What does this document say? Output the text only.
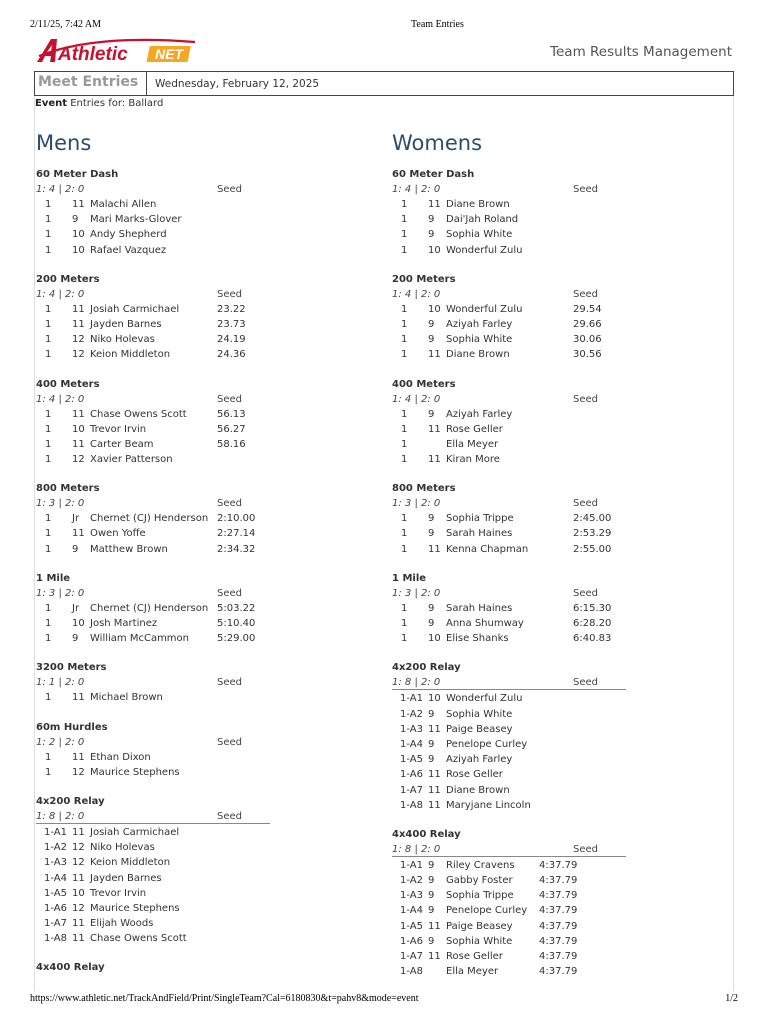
2/11/25, 7:42 AM	Team Entries
Athletic NET	Team Results Management
Meet Entries	Wednesday, February 12, 2025
Event Entries for: Ballard
Mens
60 Meter Dash
1: 4 | 2: 0	Seed
1 11 Malachi Allen
1 9 Mari Marks-Glover
1 10 Andy Shepherd
1 10 Rafael Vazquez
200 Meters
1: 4 | 2: 0	Seed
1 11 Josiah Carmichael	23.22
1 11 Jayden Barnes	23.73
1 12 Niko Holevas	24.19
1 12 Keion Middleton	24.36
400 Meters
1: 4 | 2: 0	Seed
1 11 Chase Owens Scott	56.13
1 10 Trevor Irvin	56.27
1 11 Carter Beam	58.16
1 12 Xavier Patterson
800 Meters
1: 3 | 2: 0	Seed
1 Jr Chernet (CJ) Henderson 2:10.00
1 11 Owen Yoffe	2:27.14
1 9 Matthew Brown	2:34.32
1 Mile
1: 3 | 2: 0	Seed
1 Jr Chernet (CJ) Henderson 5:03.22
1 10 Josh Martinez	5:10.40
1 9 William McCammon	5:29.00
3200 Meters
1: 1 | 2: 0	Seed
1 11 Michael Brown
60m Hurdles
1: 2 | 2: 0	Seed
1 11 Ethan Dixon
1 12 Maurice Stephens
4x200 Relay
1: 8 | 2: 0	Seed
1-A1 11 Josiah Carmichael
1-A2 12 Niko Holevas
1-A3 12 Keion Middleton
1-A4 11 Jayden Barnes
1-A5 10 Trevor Irvin
1-A6 12 Maurice Stephens
1-A7 11 Elijah Woods
1-A8 11 Chase Owens Scott
4x400 Relay
Womens
60 Meter Dash
1: 4 | 2: 0	Seed
1 11 Diane Brown
1 9 Dai'Jah Roland
1 9 Sophia White
1 10 Wonderful Zulu
200 Meters
1: 4 | 2: 0	Seed
1 10 Wonderful Zulu	29.54
1 9 Aziyah Farley	29.66
1 9 Sophia White	30.06
1 11 Diane Brown	30.56
400 Meters
1: 4 | 2: 0	Seed
1 9 Aziyah Farley
1 11 Rose Geller
1	Ella Meyer
1 11 Kiran More
800 Meters
1: 3 | 2: 0	Seed
1 9 Sophia Trippe	2:45.00
1 9 Sarah Haines	2:53.29
1 11 Kenna Chapman	2:55.00
1 Mile
1: 3 | 2: 0	Seed
1 9 Sarah Haines	6:15.30
1 9 Anna Shumway	6:28.20
1 10 Elise Shanks	6:40.83
4x200 Relay
1: 8 | 2: 0	Seed
1-A1 10 Wonderful Zulu
1-A2 9 Sophia White
1-A3 11 Paige Beasey
1-A4 9 Penelope Curley
1-A5 9 Aziyah Farley
1-A6 11 Rose Geller
1-A7 11 Diane Brown
1-A8 11 Maryjane Lincoln
4x400 Relay
1: 8 | 2: 0	Seed
1-A1 9 Riley Cravens 4:37.79
1-A2 9 Gabby Foster	4:37.79
1-A3 9 Sophia Trippe	4:37.79
1-A4 9 Penelope Curley 4:37.79
1-A5 11 Paige Beasey	4:37.79
1-A6 9 Sophia White	4:37.79
1-A7 11 Rose Geller	4:37.79
1-A8 Ella Meyer	4:37.79
https://www.athletic.net/TrackAndField/Print/SingleTeam?Cal=6180830&t=pahv8&mode=event	1/2
